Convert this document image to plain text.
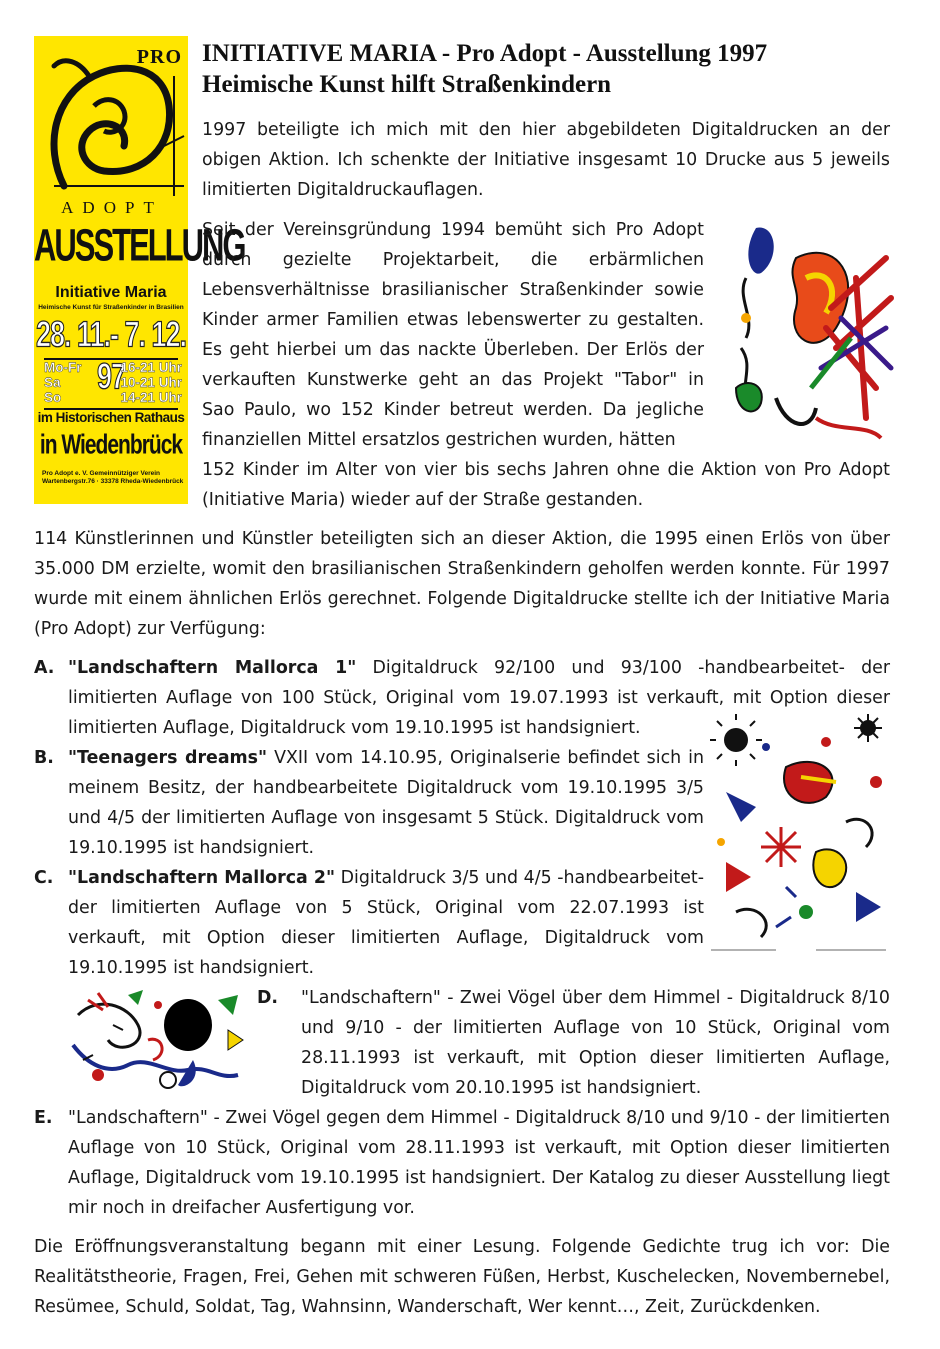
PRO
ADOPT
AUSSTELLUNG
Initiative Maria
Heimische Kunst für Straßenkinder in Brasilien
28. 11.- 7. 12. 97
Mo-Fr	16-21 Uhr
Sa	10-21 Uhr
So	14-21 Uhr
im Historischen Rathaus
in Wiedenbrück
Pro Adopt e. V. Gemeinnütziger Verein
Wartenbergstr.76 · 33378 Rheda-Wiedenbrück
INITIATIVE MARIA - Pro Adopt - Ausstellung 1997
Heimische Kunst hilft Straßenkindern

1997 beteiligte ich mich mit den hier abgebildeten Digitaldrucken an der obigen Aktion. Ich schenkte der Initiative insgesamt 10 Drucke aus 5 jeweils limitierten Digitaldruckauflagen.

Seit der Vereinsgründung 1994 bemüht sich Pro Adopt durch gezielte Projektarbeit, die erbärmlichen Lebensverhältnisse brasilianischer Straßenkinder sowie Kinder armer Familien etwas lebenswerter zu gestalten. Es geht hierbei um das nackte Überleben. Der Erlös der verkauften Kunstwerke geht an das Projekt "Tabor" in Sao Paulo, wo 152 Kinder betreut werden. Da jegliche finanziellen Mittel ersatzlos gestrichen wurden, hätten

152 Kinder im Alter von vier bis sechs Jahren ohne die Aktion von Pro Adopt (Initiative Maria) wieder auf der Straße gestanden.

114 Künstlerinnen und Künstler beteiligten sich an dieser Aktion, die 1995 einen Erlös von über 35.000 DM erzielte, womit den brasilianischen Straßenkindern geholfen werden konnte. Für 1997 wurde mit einem ähnlichen Erlös gerechnet. Folgende Digitaldrucke stellte ich der Initiative Maria (Pro Adopt) zur Verfügung:

A. "Landschaftern Mallorca 1" Digitaldruck 92/100 und 93/100 -handbearbeitet- der limitierten Auflage von 100 Stück, Original vom 19.07.1993 ist verkauft, mit Option dieser limitierten Auflage, Digitaldruck vom 19.10.1995 ist handsigniert.

B. "Teenagers dreams" VXII vom 14.10.95, Originalserie befindet sich in meinem Besitz, der handbearbeitete Digitaldruck vom 19.10.1995 3/5 und 4/5 der limitierten Auflage von insgesamt 5 Stück. Digitaldruck vom 19.10.1995 ist handsigniert.

C. "Landschaftern Mallorca 2" Digitaldruck 3/5 und 4/5 -handbearbeitet- der limitierten Auflage von 5 Stück, Original vom 22.07.1993 ist verkauft, mit Option dieser limitierten Auflage, Digitaldruck vom 19.10.1995 ist handsigniert.

D. "Landschaftern" - Zwei Vögel über dem Himmel - Digitaldruck 8/10 und 9/10 - der limitierten Auflage von 10 Stück, Original vom 28.11.1993 ist verkauft, mit Option dieser limitierten Auflage, Digitaldruck vom 20.10.1995 ist handsigniert.

E. "Landschaftern" - Zwei Vögel gegen dem Himmel - Digitaldruck 8/10 und 9/10 - der limitierten Auflage von 10 Stück, Original vom 28.11.1993 ist verkauft, mit Option dieser limitierten Auflage, Digitaldruck vom 19.10.1995 ist handsigniert. Der Katalog zu dieser Ausstellung liegt mir noch in dreifacher Ausfertigung vor.

Die Eröffnungsveranstaltung begann mit einer Lesung. Folgende Gedichte trug ich vor: Die Realitätstheorie, Fragen, Frei, Gehen mit schweren Füßen, Herbst, Kuschelecken, Novembernebel, Resümee, Schuld, Soldat, Tag, Wahnsinn, Wanderschaft, Wer kennt…, Zeit, Zurückdenken.
